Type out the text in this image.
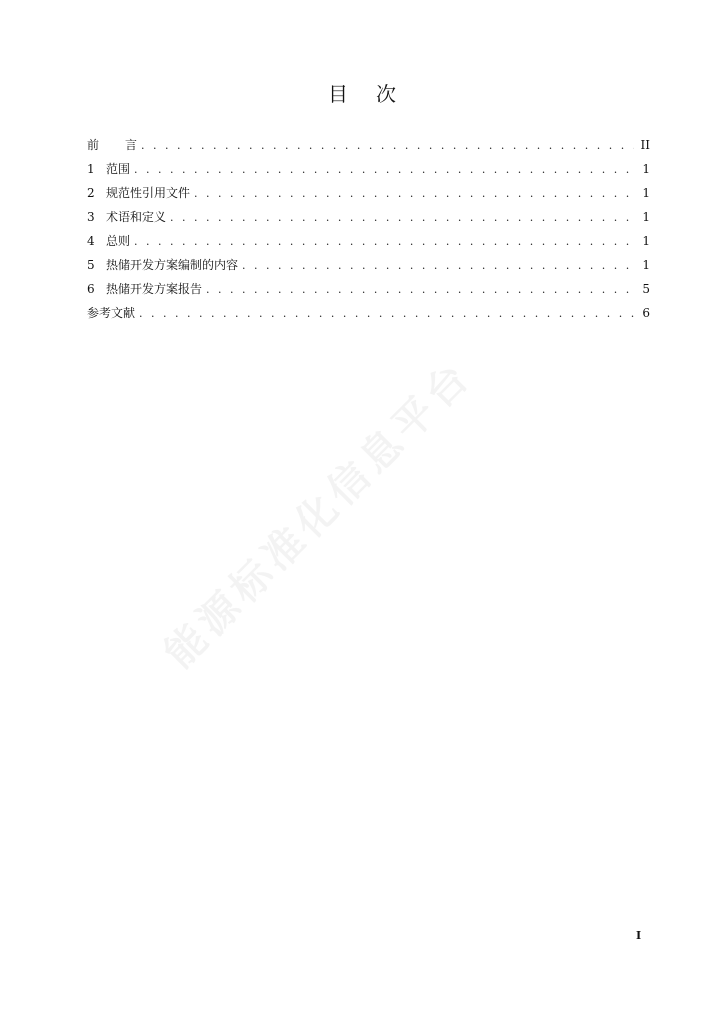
目 次
前 言 . . .	II
1 范围 . . .	1
2 规范性引用文件 . . .	1
3 术语和定义 . . .	1
4 总则 . . .	1
5 热储开发方案编制的内容 . . .	1
6 热储开发方案报告 . . .	5
参考文献 . . .	6
能源标准化信息平台
I
